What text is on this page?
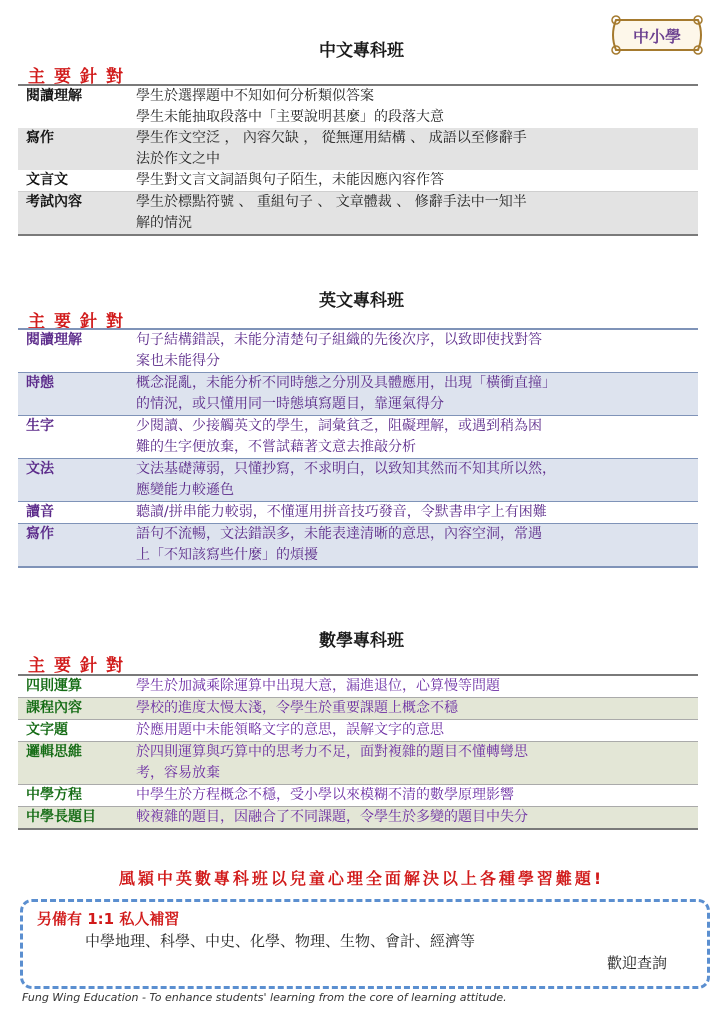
中小學
中文專科班
主要針對
閱讀理解	學生於選擇題中不知如何分析類似答案
學生未能抽取段落中「主要說明甚麼」的段落大意
寫作	學生作文空泛 ， 內容欠缺 ， 從無運用結構 、 成語以至修辭手
法於作文之中
文言文	學生對文言文詞語與句子陌生，未能因應內容作答
考試內容	學生於標點符號 、 重組句子 、 文章體裁 、 修辭手法中一知半
解的情況
英文專科班
主要針對
閱讀理解	句子結構錯誤，未能分清楚句子組織的先後次序，以致即使找對答
案也未能得分
時態	概念混亂，未能分析不同時態之分別及具體應用，出現「橫衝直撞」
的情況，或只懂用同一時態填寫題目，靠運氣得分
生字	少閱讀、少接觸英文的學生，詞彙貧乏，阻礙理解，或遇到稍為困
難的生字便放棄，不嘗試藉著文意去推敲分析
文法	文法基礎薄弱，只懂抄寫，不求明白，以致知其然而不知其所以然，
應變能力較遜色
讀音	聽讀/拼串能力較弱，不懂運用拼音技巧發音，令默書串字上有困難
寫作	語句不流暢，文法錯誤多，未能表達清晰的意思，內容空洞，常遇
上「不知該寫些什麼」的煩擾
數學專科班
主要針對
四則運算	學生於加減乘除運算中出現大意，漏進退位，心算慢等問題
課程內容	學校的進度太慢太淺，令學生於重要課題上概念不穩
文字題	於應用題中未能領略文字的意思，誤解文字的意思
邏輯思維	於四則運算與巧算中的思考力不足，面對複雜的題目不懂轉彎思
考，容易放棄
中學方程	中學生於方程概念不穩，受小學以來模糊不清的數學原理影響
中學長題目	較複雜的題目，因融合了不同課題，令學生於多變的題目中失分
風穎中英數專科班以兒童心理全面解決以上各種學習難題!
另備有 1:1 私人補習
中學地理、科學、中史、化學、物理、生物、會計、經濟等
歡迎查詢
Fung Wing Education - To enhance students' learning from the core of learning attitude.
